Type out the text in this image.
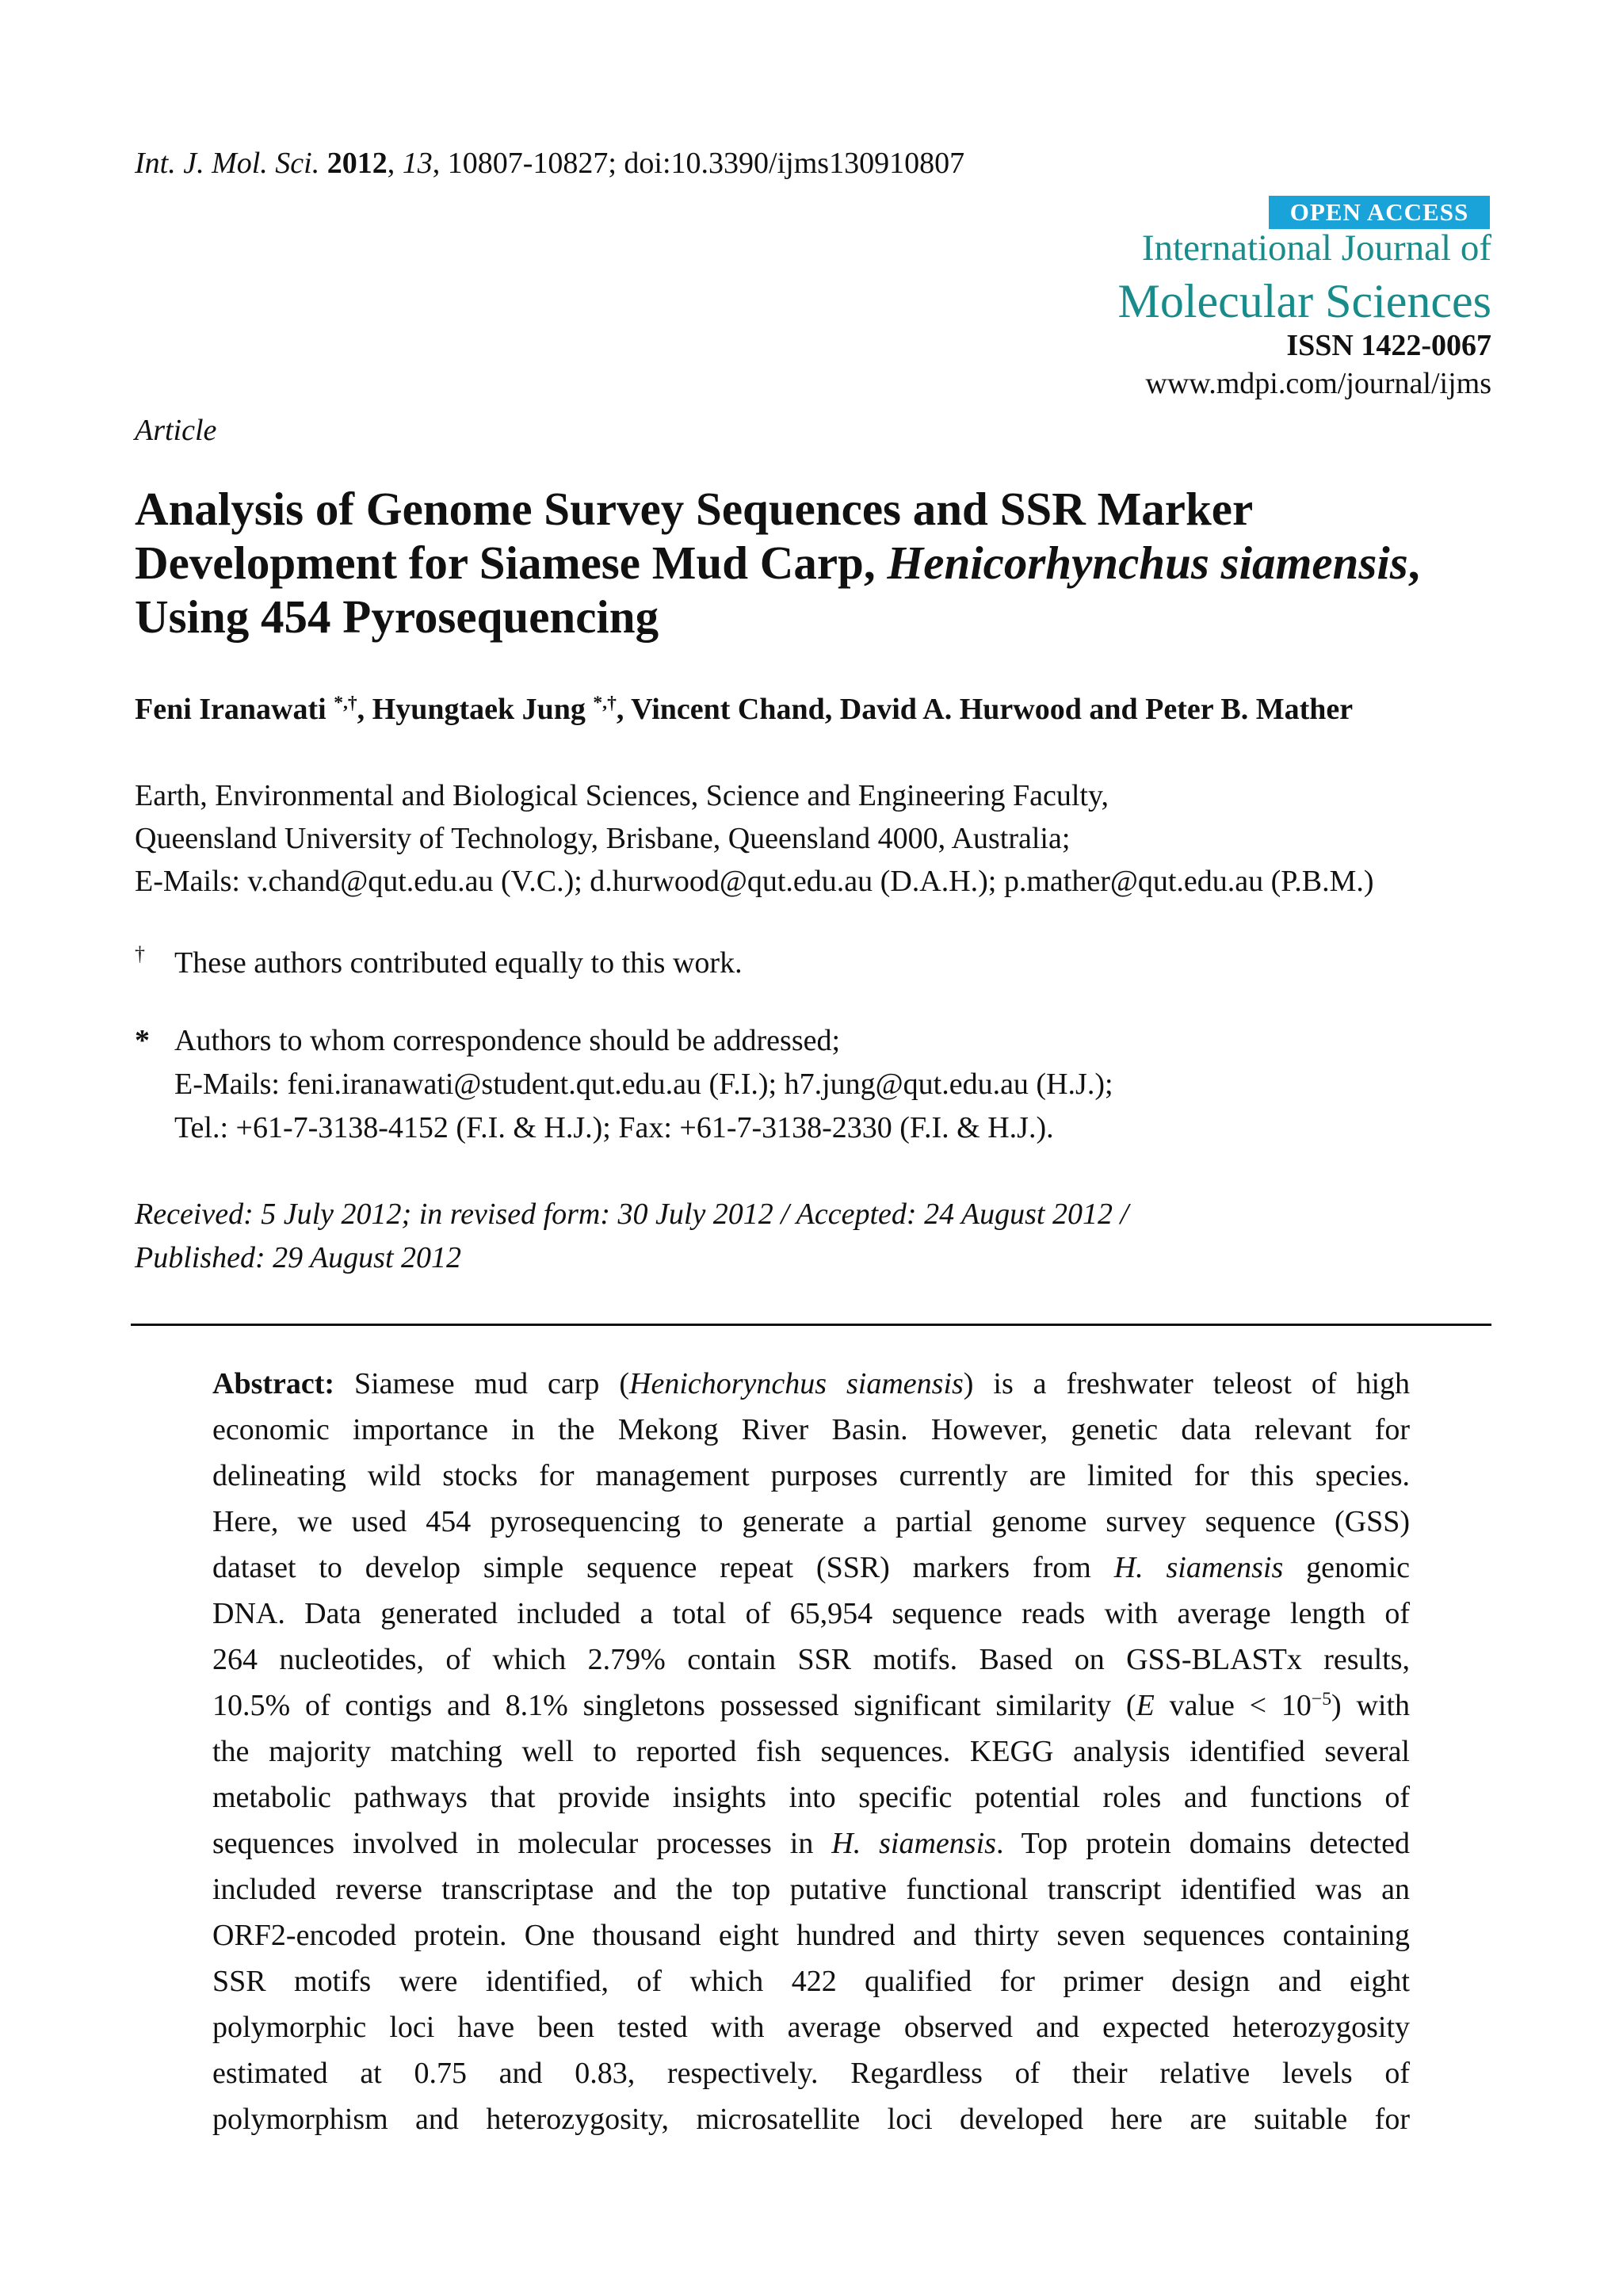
Int. J. Mol. Sci. 2012, 13, 10807-10827; doi:10.3390/ijms130910807
OPEN ACCESS
International Journal of
Molecular Sciences
ISSN 1422-0067
www.mdpi.com/journal/ijms
Article
Analysis of Genome Survey Sequences and SSR Marker
Development for Siamese Mud Carp, Henicorhynchus siamensis,
Using 454 Pyrosequencing
Feni Iranawati *,†, Hyungtaek Jung *,†, Vincent Chand, David A. Hurwood and Peter B. Mather
Earth, Environmental and Biological Sciences, Science and Engineering Faculty,
Queensland University of Technology, Brisbane, Queensland 4000, Australia;
E-Mails: v.chand@qut.edu.au (V.C.); d.hurwood@qut.edu.au (D.A.H.); p.mather@qut.edu.au (P.B.M.)
† These authors contributed equally to this work.
* Authors to whom correspondence should be addressed;
E-Mails: feni.iranawati@student.qut.edu.au (F.I.); h7.jung@qut.edu.au (H.J.);
Tel.: +61-7-3138-4152 (F.I. & H.J.); Fax: +61-7-3138-2330 (F.I. & H.J.).
Received: 5 July 2012; in revised form: 30 July 2012 / Accepted: 24 August 2012 /
Published: 29 August 2012
Abstract: Siamese mud carp (Henichorynchus siamensis) is a freshwater teleost of high
economic importance in the Mekong River Basin. However, genetic data relevant for
delineating wild stocks for management purposes currently are limited for this species.
Here, we used 454 pyrosequencing to generate a partial genome survey sequence (GSS)
dataset to develop simple sequence repeat (SSR) markers from H. siamensis genomic
DNA. Data generated included a total of 65,954 sequence reads with average length of
264 nucleotides, of which 2.79% contain SSR motifs. Based on GSS-BLASTx results,
10.5% of contigs and 8.1% singletons possessed significant similarity (E value < $10^{-5}$) with
the majority matching well to reported fish sequences. KEGG analysis identified several
metabolic pathways that provide insights into specific potential roles and functions of
sequences involved in molecular processes in H. siamensis. Top protein domains detected
included reverse transcriptase and the top putative functional transcript identified was an
ORF2-encoded protein. One thousand eight hundred and thirty seven sequences containing
SSR motifs were identified, of which 422 qualified for primer design and eight
polymorphic loci have been tested with average observed and expected heterozygosity
estimated at 0.75 and 0.83, respectively. Regardless of their relative levels of
polymorphism and heterozygosity, microsatellite loci developed here are suitable for
